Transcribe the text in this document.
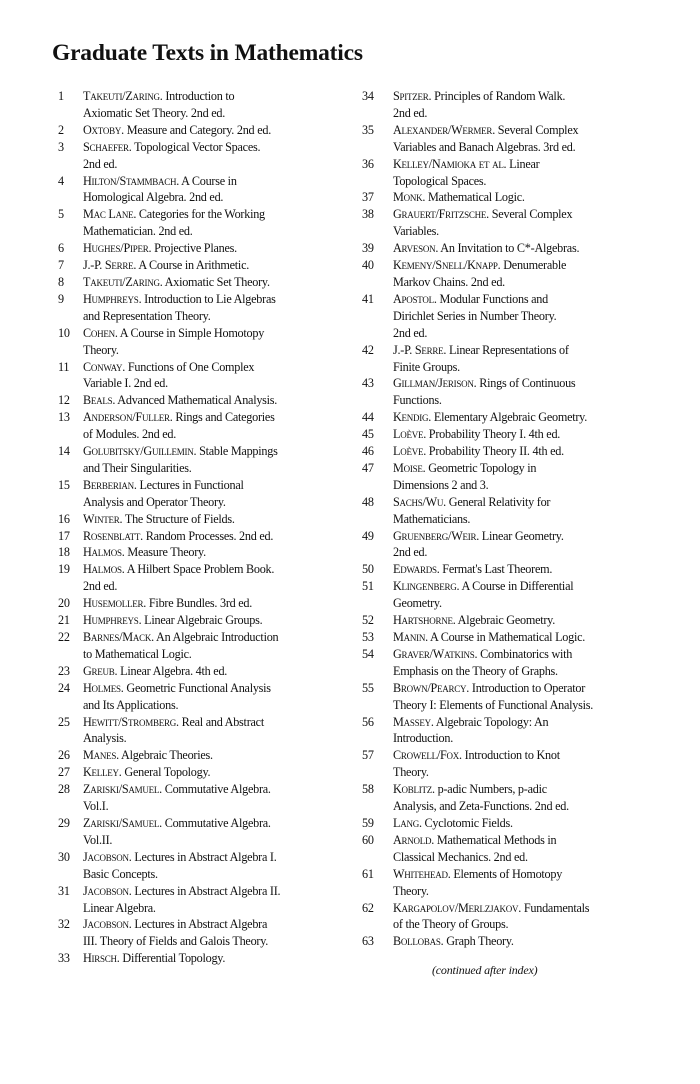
Graduate Texts in Mathematics
1	Takeuti/Zaring. Introduction to
Axiomatic Set Theory. 2nd ed.
2	Oxtoby. Measure and Category. 2nd ed.
3	Schaefer. Topological Vector Spaces.
2nd ed.
4	Hilton/Stammbach. A Course in
Homological Algebra. 2nd ed.
5	Mac Lane. Categories for the Working
Mathematician. 2nd ed.
6	Hughes/Piper. Projective Planes.
7	J.-P. Serre. A Course in Arithmetic.
8	Takeuti/Zaring. Axiomatic Set Theory.
9	Humphreys. Introduction to Lie Algebras
and Representation Theory.
10	Cohen. A Course in Simple Homotopy
Theory.
11	Conway. Functions of One Complex
Variable I. 2nd ed.
12	Beals. Advanced Mathematical Analysis.
13	Anderson/Fuller. Rings and Categories
of Modules. 2nd ed.
14	Golubitsky/Guillemin. Stable Mappings
and Their Singularities.
15	Berberian. Lectures in Functional
Analysis and Operator Theory.
16	Winter. The Structure of Fields.
17	Rosenblatt. Random Processes. 2nd ed.
18	Halmos. Measure Theory.
19	Halmos. A Hilbert Space Problem Book.
2nd ed.
20	Husemoller. Fibre Bundles. 3rd ed.
21	Humphreys. Linear Algebraic Groups.
22	Barnes/Mack. An Algebraic Introduction
to Mathematical Logic.
23	Greub. Linear Algebra. 4th ed.
24	Holmes. Geometric Functional Analysis
and Its Applications.
25	Hewitt/Stromberg. Real and Abstract
Analysis.
26	Manes. Algebraic Theories.
27	Kelley. General Topology.
28	Zariski/Samuel. Commutative Algebra.
Vol.I.
29	Zariski/Samuel. Commutative Algebra.
Vol.II.
30	Jacobson. Lectures in Abstract Algebra I.
Basic Concepts.
31	Jacobson. Lectures in Abstract Algebra II.
Linear Algebra.
32	Jacobson. Lectures in Abstract Algebra
III. Theory of Fields and Galois Theory.
33	Hirsch. Differential Topology.
34	Spitzer. Principles of Random Walk.
2nd ed.
35	Alexander/Wermer. Several Complex
Variables and Banach Algebras. 3rd ed.
36	Kelley/Namioka et al. Linear
Topological Spaces.
37	Monk. Mathematical Logic.
38	Grauert/Fritzsche. Several Complex
Variables.
39	Arveson. An Invitation to C*-Algebras.
40	Kemeny/Snell/Knapp. Denumerable
Markov Chains. 2nd ed.
41	Apostol. Modular Functions and
Dirichlet Series in Number Theory.
2nd ed.
42	J.-P. Serre. Linear Representations of
Finite Groups.
43	Gillman/Jerison. Rings of Continuous
Functions.
44	Kendig. Elementary Algebraic Geometry.
45	Loève. Probability Theory I. 4th ed.
46	Loève. Probability Theory II. 4th ed.
47	Moise. Geometric Topology in
Dimensions 2 and 3.
48	Sachs/Wu. General Relativity for
Mathematicians.
49	Gruenberg/Weir. Linear Geometry.
2nd ed.
50	Edwards. Fermat's Last Theorem.
51	Klingenberg. A Course in Differential
Geometry.
52	Hartshorne. Algebraic Geometry.
53	Manin. A Course in Mathematical Logic.
54	Graver/Watkins. Combinatorics with
Emphasis on the Theory of Graphs.
55	Brown/Pearcy. Introduction to Operator
Theory I: Elements of Functional Analysis.
56	Massey. Algebraic Topology: An
Introduction.
57	Crowell/Fox. Introduction to Knot
Theory.
58	Koblitz. p-adic Numbers, p-adic
Analysis, and Zeta-Functions. 2nd ed.
59	Lang. Cyclotomic Fields.
60	Arnold. Mathematical Methods in
Classical Mechanics. 2nd ed.
61	Whitehead. Elements of Homotopy
Theory.
62	Kargapolov/Merlzjakov. Fundamentals
of the Theory of Groups.
63	Bollobas. Graph Theory.

(continued after index)
